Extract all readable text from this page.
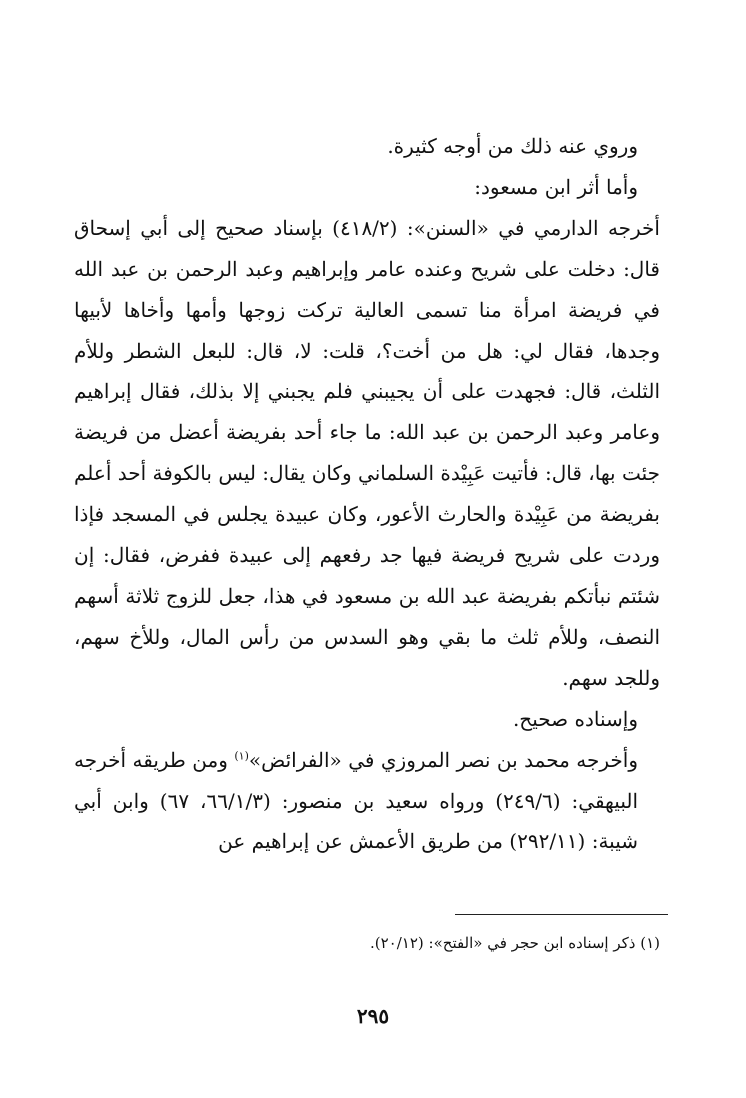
وروي عنه ذلك من أوجه كثيرة.

وأما أثر ابن مسعود:

أخرجه الدارمي في «السنن»: (٤١٨/٢) بإسناد صحيح إلى أبي إسحاق قال: دخلت على شريح وعنده عامر وإبراهيم وعبد الرحمن بن عبد الله في فريضة امرأة منا تسمى العالية تركت زوجها وأمها وأخاها لأبيها وجدها، فقال لي: هل من أخت؟، قلت: لا، قال: للبعل الشطر وللأم الثلث، قال: فجهدت على أن يجيبني فلم يجبني إلا بذلك، فقال إبراهيم وعامر وعبد الرحمن بن عبد الله: ما جاء أحد بفريضة أعضل من فريضة جئت بها، قال: فأتيت عَبِيْدة السلماني وكان يقال: ليس بالكوفة أحد أعلم بفريضة من عَبِيْدة والحارث الأعور، وكان عبيدة يجلس في المسجد فإذا وردت على شريح فريضة فيها جد رفعهم إلى عبيدة ففرض، فقال: إن شئتم نبأتكم بفريضة عبد الله بن مسعود في هذا، جعل للزوج ثلاثة أسهم النصف، وللأم ثلث ما بقي وهو السدس من رأس المال، وللأخ سهم، وللجد سهم.

وإسناده صحيح.

وأخرجه محمد بن نصر المروزي في «الفرائض»$^{(١)}$ ومن طريقه أخرجه البيهقي: (٢٤٩/٦) ورواه سعيد بن منصور: (٦٦/١/٣، ٦٧) وابن أبي شيبة: (٢٩٢/١١) من طريق الأعمش عن إبراهيم عن

(١) ذكر إسناده ابن حجر في «الفتح»: (٢٠/١٢).
٢٩٥
